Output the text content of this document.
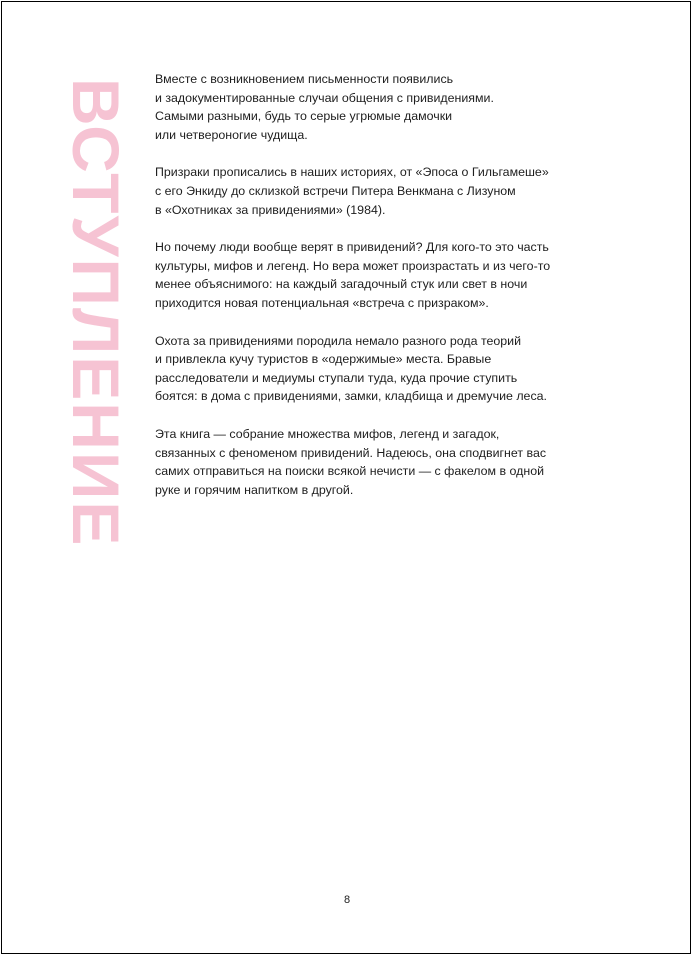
ВСТУПЛЕНИЕ Вместе с возникновением письменности появились
и задокументированные случаи общения с привидениями.
Самыми разными, будь то серые угрюмые дамочки
или четвероногие чудища.

Призраки прописались в наших историях, от «Эпоса о Гильгамеше»
с его Энкиду до склизкой встречи Питера Венкмана с Лизуном
в «Охотниках за привидениями» (1984).

Но почему люди вообще верят в привидений? Для кого-то это часть
культуры, мифов и легенд. Но вера может произрастать и из чего-то
менее объяснимого: на каждый загадочный стук или свет в ночи
приходится новая потенциальная «встреча с призраком».

Охота за привидениями породила немало разного рода теорий
и привлекла кучу туристов в «одержимые» места. Бравые
расследователи и медиумы ступали туда, куда прочие ступить
боятся: в дома с привидениями, замки, кладбища и дремучие леса.

Эта книга — собрание множества мифов, легенд и загадок,
связанных с феноменом привидений. Надеюсь, она сподвигнет вас
самих отправиться на поиски всякой нечисти — с факелом в одной
руке и горячим напитком в другой.

8
